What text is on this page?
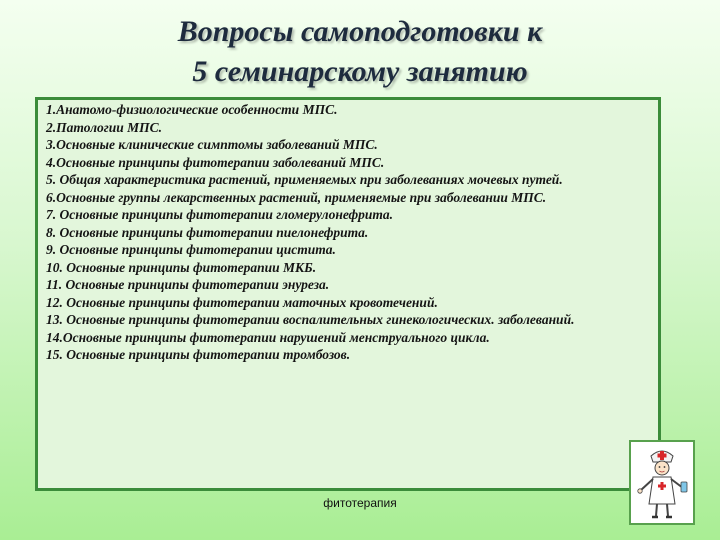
Вопросы самоподготовки к
5 семинарскому занятию
1.Анатомо-физиологические особенности МПС.
2.Патологии МПС.
3.Основные клинические симптомы заболеваний МПС.
4.Основные принципы фитотерапии заболеваний МПС.
5. Общая характеристика растений, применяемых при заболеваниях мочевых путей.
6.Основные группы лекарственных растений, применяемые при заболевании МПС.
7. Основные принципы фитотерапии гломерулонефрита.
8. Основные принципы фитотерапии пиелонефрита.
9. Основные принципы фитотерапии цистита.
10. Основные принципы фитотерапии МКБ.
11. Основные принципы фитотерапии энуреза.
12. Основные принципы фитотерапии маточных кровотечений.
13. Основные принципы фитотерапии воспалительных гинекологических. заболеваний.
14.Основные принципы фитотерапии нарушений менструального цикла.
15. Основные принципы фитотерапии тромбозов.
фитотерапия
